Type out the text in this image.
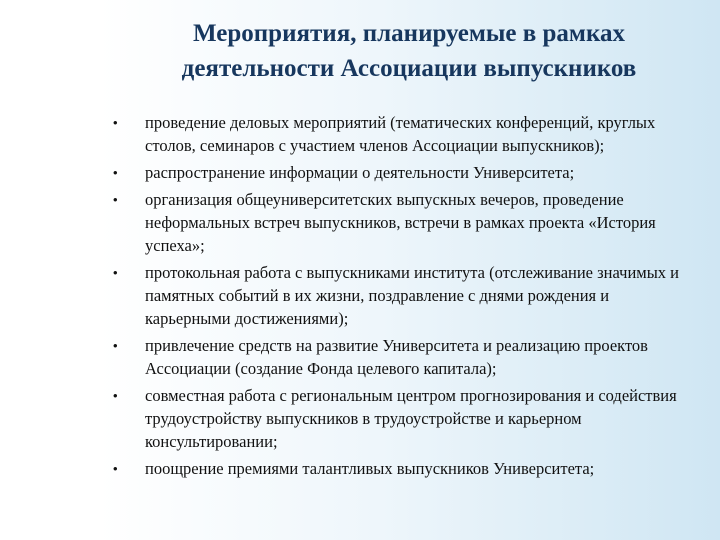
Мероприятия, планируемые в рамках
деятельности Ассоциации выпускников
• проведение деловых мероприятий (тематических конференций, круглых столов, семинаров с участием членов Ассоциации выпускников);
• распространение информации о деятельности Университета;
• организация общеуниверситетских выпускных вечеров, проведение неформальных встреч выпускников, встречи в рамках проекта «История успеха»;
• протокольная работа с выпускниками института (отслеживание значимых и памятных событий в их жизни, поздравление с днями рождения и карьерными достижениями);
• привлечение средств на развитие Университета и реализацию проектов Ассоциации (создание Фонда целевого капитала);
• совместная работа с региональным центром прогнозирования и содействия трудоустройству выпускников в трудоустройстве и карьерном консультировании;
• поощрение премиями талантливых выпускников Университета;
